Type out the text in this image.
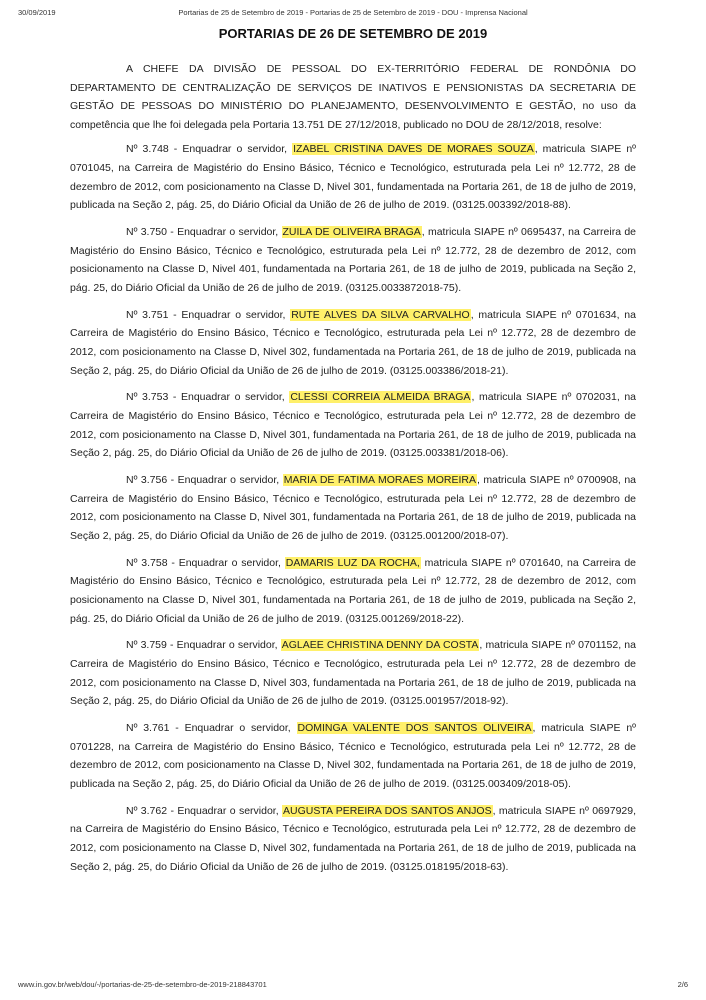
30/09/2019	Portarias de 25 de Setembro de 2019 - Portarias de 25 de Setembro de 2019 - DOU - Imprensa Nacional
PORTARIAS DE 26 DE SETEMBRO DE 2019

A CHEFE DA DIVISÃO DE PESSOAL DO EX-TERRITÓRIO FEDERAL DE RONDÔNIA DO DEPARTAMENTO DE CENTRALIZAÇÃO DE SERVIÇOS DE INATIVOS E PENSIONISTAS DA SECRETARIA DE GESTÃO DE PESSOAS DO MINISTÉRIO DO PLANEJAMENTO, DESENVOLVIMENTO E GESTÃO, no uso da competência que lhe foi delegada pela Portaria 13.751 DE 27/12/2018, publicado no DOU de 28/12/2018, resolve:

Nº 3.748 - Enquadrar o servidor, IZABEL CRISTINA DAVES DE MORAES SOUZA, matricula SIAPE nº 0701045, na Carreira de Magistério do Ensino Básico, Técnico e Tecnológico, estruturada pela Lei nº 12.772, 28 de dezembro de 2012, com posicionamento na Classe D, Nivel 301, fundamentada na Portaria 261, de 18 de julho de 2019, publicada na Seção 2, pág. 25, do Diário Oficial da União de 26 de julho de 2019. (03125.003392/2018-88).

Nº 3.750 - Enquadrar o servidor, ZUILA DE OLIVEIRA BRAGA, matricula SIAPE nº 0695437, na Carreira de Magistério do Ensino Básico, Técnico e Tecnológico, estruturada pela Lei nº 12.772, 28 de dezembro de 2012, com posicionamento na Classe D, Nivel 401, fundamentada na Portaria 261, de 18 de julho de 2019, publicada na Seção 2, pág. 25, do Diário Oficial da União de 26 de julho de 2019. (03125.0033872018-75).

Nº 3.751 - Enquadrar o servidor, RUTE ALVES DA SILVA CARVALHO, matricula SIAPE nº 0701634, na Carreira de Magistério do Ensino Básico, Técnico e Tecnológico, estruturada pela Lei nº 12.772, 28 de dezembro de 2012, com posicionamento na Classe D, Nivel 302, fundamentada na Portaria 261, de 18 de julho de 2019, publicada na Seção 2, pág. 25, do Diário Oficial da União de 26 de julho de 2019. (03125.003386/2018-21).

Nº 3.753 - Enquadrar o servidor, CLESSI CORREIA ALMEIDA BRAGA, matricula SIAPE nº 0702031, na Carreira de Magistério do Ensino Básico, Técnico e Tecnológico, estruturada pela Lei nº 12.772, 28 de dezembro de 2012, com posicionamento na Classe D, Nivel 301, fundamentada na Portaria 261, de 18 de julho de 2019, publicada na Seção 2, pág. 25, do Diário Oficial da União de 26 de julho de 2019. (03125.003381/2018-06).

Nº 3.756 - Enquadrar o servidor, MARIA DE FATIMA MORAES MOREIRA, matricula SIAPE nº 0700908, na Carreira de Magistério do Ensino Básico, Técnico e Tecnológico, estruturada pela Lei nº 12.772, 28 de dezembro de 2012, com posicionamento na Classe D, Nivel 301, fundamentada na Portaria 261, de 18 de julho de 2019, publicada na Seção 2, pág. 25, do Diário Oficial da União de 26 de julho de 2019. (03125.001200/2018-07).

Nº 3.758 - Enquadrar o servidor, DAMARIS LUZ DA ROCHA, matricula SIAPE nº 0701640, na Carreira de Magistério do Ensino Básico, Técnico e Tecnológico, estruturada pela Lei nº 12.772, 28 de dezembro de 2012, com posicionamento na Classe D, Nivel 301, fundamentada na Portaria 261, de 18 de julho de 2019, publicada na Seção 2, pág. 25, do Diário Oficial da União de 26 de julho de 2019. (03125.001269/2018-22).

Nº 3.759 - Enquadrar o servidor, AGLAEE CHRISTINA DENNY DA COSTA, matricula SIAPE nº 0701152, na Carreira de Magistério do Ensino Básico, Técnico e Tecnológico, estruturada pela Lei nº 12.772, 28 de dezembro de 2012, com posicionamento na Classe D, Nivel 303, fundamentada na Portaria 261, de 18 de julho de 2019, publicada na Seção 2, pág. 25, do Diário Oficial da União de 26 de julho de 2019. (03125.001957/2018-92).

Nº 3.761 - Enquadrar o servidor, DOMINGA VALENTE DOS SANTOS OLIVEIRA, matricula SIAPE nº 0701228, na Carreira de Magistério do Ensino Básico, Técnico e Tecnológico, estruturada pela Lei nº 12.772, 28 de dezembro de 2012, com posicionamento na Classe D, Nivel 302, fundamentada na Portaria 261, de 18 de julho de 2019, publicada na Seção 2, pág. 25, do Diário Oficial da União de 26 de julho de 2019. (03125.003409/2018-05).

Nº 3.762 - Enquadrar o servidor, AUGUSTA PEREIRA DOS SANTOS ANJOS, matricula SIAPE nº 0697929, na Carreira de Magistério do Ensino Básico, Técnico e Tecnológico, estruturada pela Lei nº 12.772, 28 de dezembro de 2012, com posicionamento na Classe D, Nivel 302, fundamentada na Portaria 261, de 18 de julho de 2019, publicada na Seção 2, pág. 25, do Diário Oficial da União de 26 de julho de 2019. (03125.018195/2018-63).

www.in.gov.br/web/dou/-/portarias-de-25-de-setembro-de-2019-218843701	2/6
